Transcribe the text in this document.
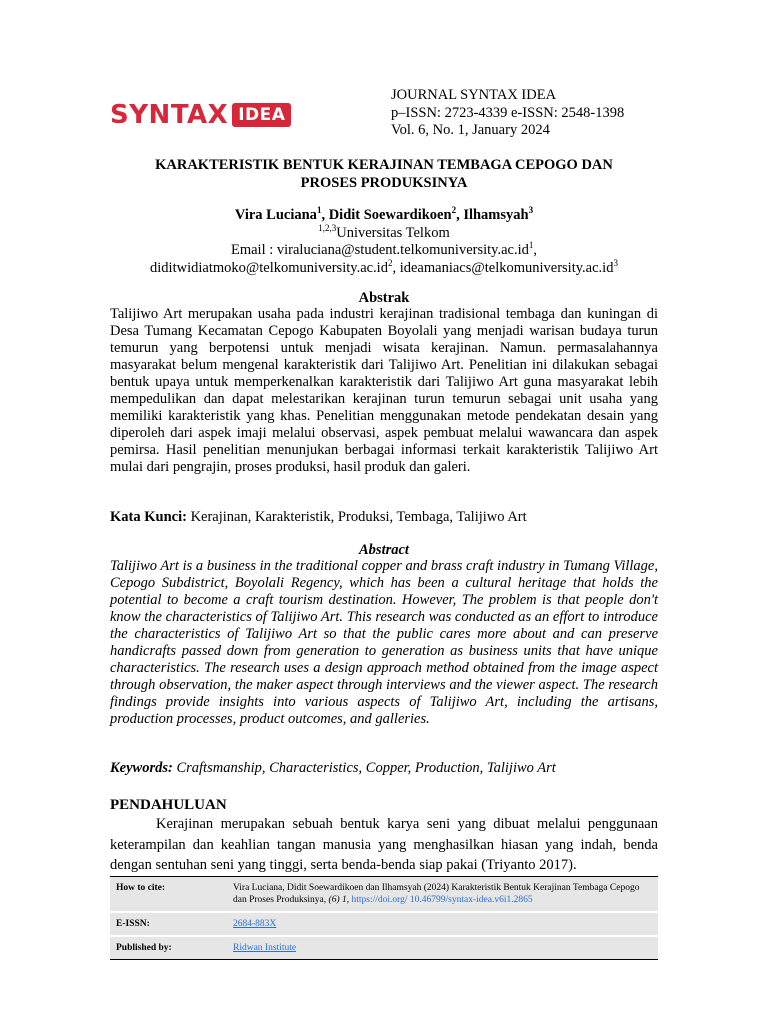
SYNTAX IDEA
JOURNAL SYNTAX IDEA
p–ISSN: 2723-4339 e-ISSN: 2548-1398
Vol. 6, No. 1, January 2024
KARAKTERISTIK BENTUK KERAJINAN TEMBAGA CEPOGO DAN
PROSES PRODUKSINYA
Vira Luciana$^1$, Didit Soewardikoen$^2$, Ilhamsyah$^3$
$^{1,2,3}$Universitas Telkom
Email : $viraluciana@student.telkomuniversity.ac.id^1$,
$diditwidiatmoko@telkomuniversity.ac.id^2$, $ideamaniacs@telkomuniversity.ac.id^3$
Abstrak
Talijiwo Art merupakan usaha pada industri kerajinan tradisional tembaga dan kuningan di Desa Tumang Kecamatan Cepogo Kabupaten Boyolali yang menjadi warisan budaya turun temurun yang berpotensi untuk menjadi wisata kerajinan. Namun. permasalahannya masyarakat belum mengenal karakteristik dari Talijiwo Art. Penelitian ini dilakukan sebagai bentuk upaya untuk memperkenalkan karakteristik dari Talijiwo Art guna masyarakat lebih mempedulikan dan dapat melestarikan kerajinan turun temurun sebagai unit usaha yang memiliki karakteristik yang khas. Penelitian menggunakan metode pendekatan desain yang diperoleh dari aspek imaji melalui observasi, aspek pembuat melalui wawancara dan aspek pemirsa. Hasil penelitian menunjukan berbagai informasi terkait karakteristik Talijiwo Art mulai dari pengrajin, proses produksi, hasil produk dan galeri.
Kata Kunci: Kerajinan, Karakteristik, Produksi, Tembaga, Talijiwo Art
Abstract
Talijiwo Art is a business in the traditional copper and brass craft industry in Tumang Village, Cepogo Subdistrict, Boyolali Regency, which has been a cultural heritage that holds the potential to become a craft tourism destination. However, The problem is that people don't know the characteristics of Talijiwo Art. This research was conducted as an effort to introduce the characteristics of Talijiwo Art so that the public cares more about and can preserve handicrafts passed down from generation to generation as business units that have unique characteristics. The research uses a design approach method obtained from the image aspect through observation, the maker aspect through interviews and the viewer aspect. The research findings provide insights into various aspects of Talijiwo Art, including the artisans, production processes, product outcomes, and galleries.
Keywords: Craftsmanship, Characteristics, Copper, Production, Talijiwo Art
PENDAHULUAN
Kerajinan merupakan sebuah bentuk karya seni yang dibuat melalui penggunaan keterampilan dan keahlian tangan manusia yang menghasilkan hiasan yang indah, benda dengan sentuhan seni yang tinggi, serta benda-benda siap pakai (Triyanto 2017).
How to cite:	Vira Luciana, Didit Soewardikoen dan Ilhamsyah (2024) Karakteristik Bentuk Kerajinan Tembaga Cepogo dan Proses Produksinya, (6) 1, https://doi.org/ 10.46799/syntax-idea.v6i1.2865
E-ISSN:	2684-883X
Published by:	Ridwan Institute
